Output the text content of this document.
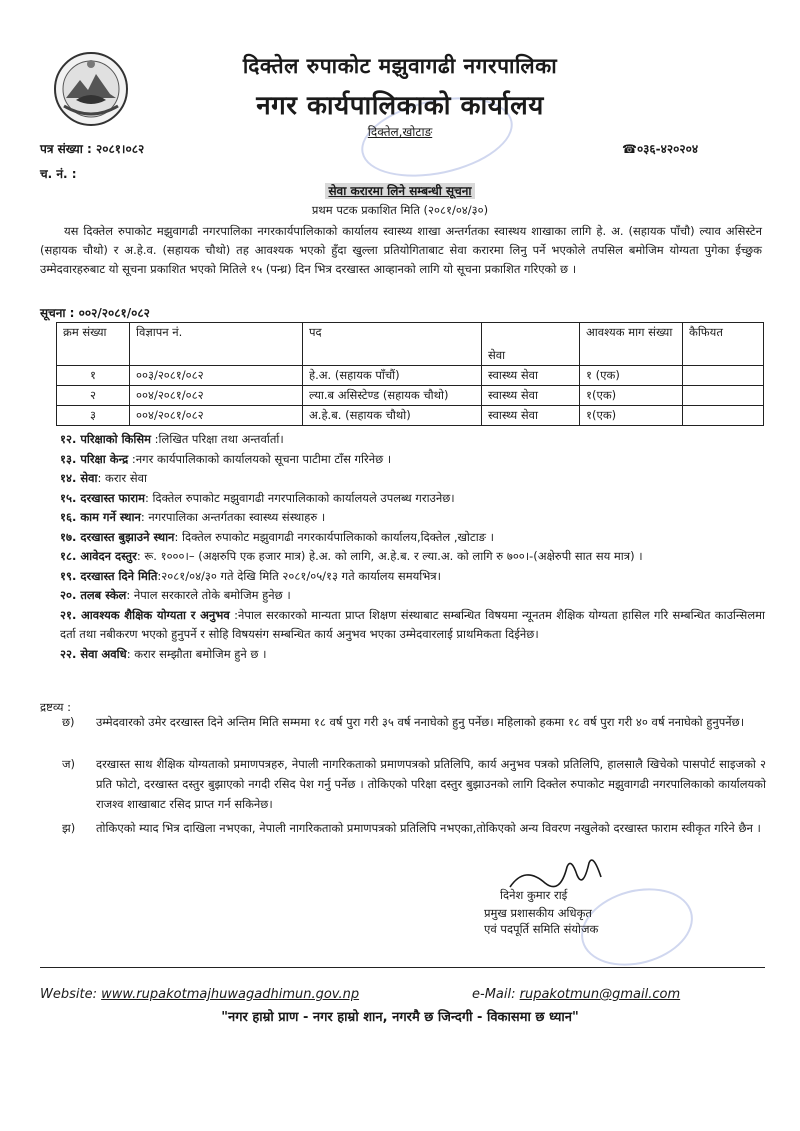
दिक्तेल रुपाकोट मझुवागढी नगरपालिका
नगर कार्यपालिकाको कार्यालय
दिक्तेल,खोटाङ
पत्र संख्या : २०८१।०८२	☎०३६-४२०२०४
च. नं. :
सेवा करारमा लिने सम्बन्धी सूचना
प्रथम पटक प्रकाशित मिति (२०८१/०४/३०)
यस दिक्तेल रुपाकोट मझुवागढी नगरपालिका नगरकार्यपालिकाको कार्यालय स्वास्थ्य शाखा अन्तर्गतका स्वास्थय शाखाका लागि हे. अ. (सहायक पाँचौ) ल्याव असिस्टेन (सहायक चौथो) र अ.हे.व. (सहायक चौथो) तह आवश्यक भएको हुँदा खुल्ला प्रतियोगिताबाट सेवा करारमा लिनु पर्ने भएकोले तपसिल बमोजिम योग्यता पुगेका ईच्छुक उम्मेदवारहरुबाट यो सूचना प्रकाशित भएको मितिले १५ (पन्ध्र) दिन भित्र दरखास्त आव्हानको लागि यो सूचना प्रकाशित गरिएको छ ।
सूचना : ००२/२०८१/०८२
क्रम संख्या	विज्ञापन नं.	पद	सेवा	आवश्यक माग संख्या	कैफियत
१	००३/२०८१/०८२	हे.अ. (सहायक पाँचौं)	स्वास्थ्य सेवा	१ (एक)	
२	००४/२०८१/०८२	ल्या.ब असिस्टेण्ड (सहायक चौथो)	स्वास्थ्य सेवा	१(एक)	
३	००४/२०८१/०८२	अ.हे.ब. (सहायक चौथो)	स्वास्थ्य सेवा	१(एक)	
१२. परिक्षाको किसिम :लिखित परिक्षा तथा अन्तर्वार्ता।
१३. परिक्षा केन्द्र :नगर कार्यपालिकाको कार्यालयको सूचना पाटीमा टाँस गरिनेछ ।
१४. सेवा: करार सेवा
१५. दरखास्त फाराम: दिक्तेल रुपाकोट मझुवागढी नगरपालिकाको कार्यालयले उपलब्ध गराउनेछ।
१६. काम गर्ने स्थान: नगरपालिका अन्तर्गतका स्वास्थ्य संस्थाहरु ।
१७. दरखास्त बुझाउने स्थान: दिक्तेल रुपाकोट मझुवागढी नगरकार्यपालिकाको कार्यालय,दिक्तेल ,खोटाङ ।
१८. आवेदन दस्तुर: रू. १०००।– (अक्षरुपि एक हजार मात्र) हे.अ. को लागि, अ.हे.ब. र ल्या.अ. को लागि रु ७००।-(अक्षेरुपी सात सय मात्र) ।
१९. दरखास्त दिने मिति:२०८१/०४/३० गते देखि मिति २०८१/०५/१३ गते कार्यालय समयभित्र।
२०. तलब स्केल: नेपाल सरकारले तोके बमोजिम हुनेछ ।
२१. आवश्यक शैक्षिक योग्यता र अनुभव :नेपाल सरकारको मान्यता प्राप्त शिक्षण संस्थाबाट सम्बन्धित विषयमा न्यूनतम शैक्षिक योग्यता हासिल गरि सम्बन्धित काउन्सिलमा दर्ता तथा नबीकरण भएको हुनुपर्ने र सोहि विषयसंग सम्बन्धित कार्य अनुभव भएका उम्मेदवारलाई प्राथमिकता दिईनेछ।
२२. सेवा अवधि: करार सम्झौता बमोजिम हुने छ ।
द्रष्टव्य :
छ) उम्मेदवारको उमेर दरखास्त दिने अन्तिम मिति सम्ममा १८ वर्ष पुरा गरी ३५ वर्ष ननाघेको हुनु पर्नेछ। महिलाको हकमा १८ वर्ष पुरा गरी ४० वर्ष ननाघेको हुनुपर्नेछ।
ज) दरखास्त साथ शैक्षिक योग्यताको प्रमाणपत्रहरु, नेपाली नागरिकताको प्रमाणपत्रको प्रतिलिपि, कार्य अनुभव पत्रको प्रतिलिपि, हालसालै खिचेको पासपोर्ट साइजको २ प्रति फोटो, दरखास्त दस्तुर बुझाएको नगदी रसिद पेश गर्नु पर्नेछ । तोकिएको परिक्षा दस्तुर बुझाउनको लागि दिक्तेल रुपाकोट मझुवागढी नगरपालिकाको कार्यालयको राजश्व शाखाबाट रसिद प्राप्त गर्न सकिनेछ।
झ) तोकिएको म्याद भित्र दाखिला नभएका, नेपाली नागरिकताको प्रमाणपत्रको प्रतिलिपि नभएका,तोकिएको अन्य विवरण नखुलेको दरखास्त फाराम स्वीकृत गरिने छैन ।
दिनेश कुमार राई
प्रमुख प्रशासकीय अधिकृत
एवं पदपूर्ति समिति संयोजक
Website: www.rupakotmajhuwagadhimun.gov.np	e-Mail: rupakotmun@gmail.com
"नगर हाम्रो प्राण - नगर हाम्रो शान, नगरमै छ जिन्दगी - विकासमा छ ध्यान"
